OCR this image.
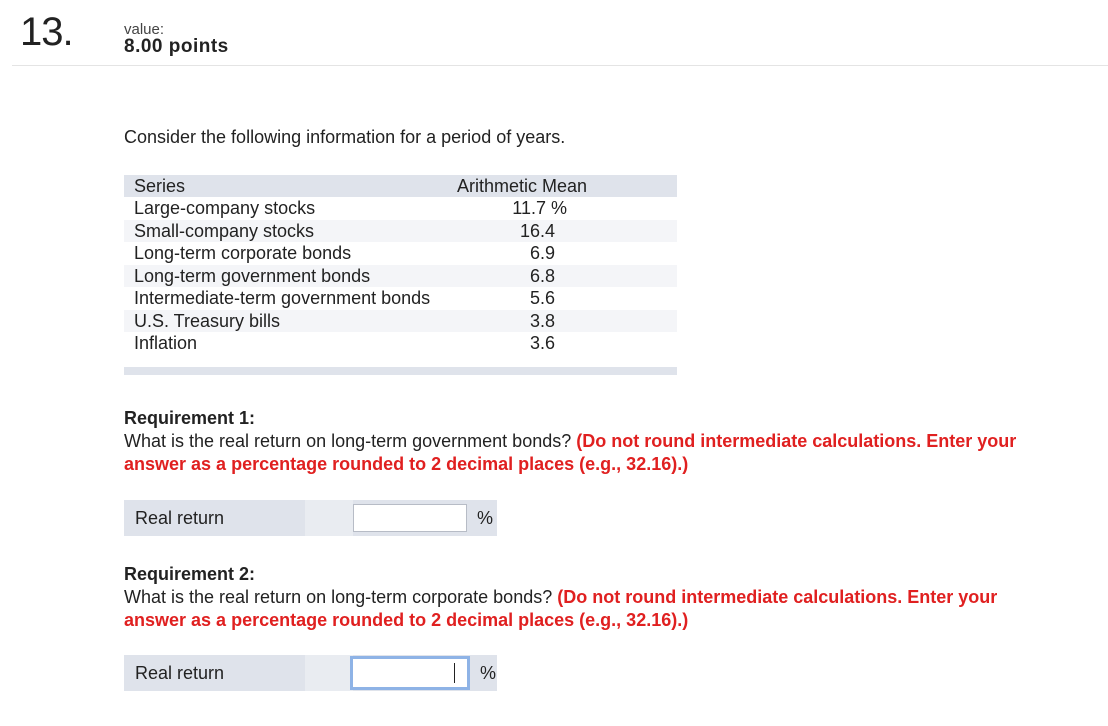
13.	value:
8.00 points
Consider the following information for a period of years.
Series	Arithmetic Mean
Large-company stocks	11.7 %
Small-company stocks	16.4
Long-term corporate bonds	6.9
Long-term government bonds	6.8
Intermediate-term government bonds	5.6
U.S. Treasury bills	3.8
Inflation	3.6
Requirement 1:
What is the real return on long-term government bonds? (Do not round intermediate calculations. Enter your answer as a percentage rounded to 2 decimal places (e.g., 32.16).)
Real return	%
Requirement 2:
What is the real return on long-term corporate bonds? (Do not round intermediate calculations. Enter your answer as a percentage rounded to 2 decimal places (e.g., 32.16).)
Real return	%
